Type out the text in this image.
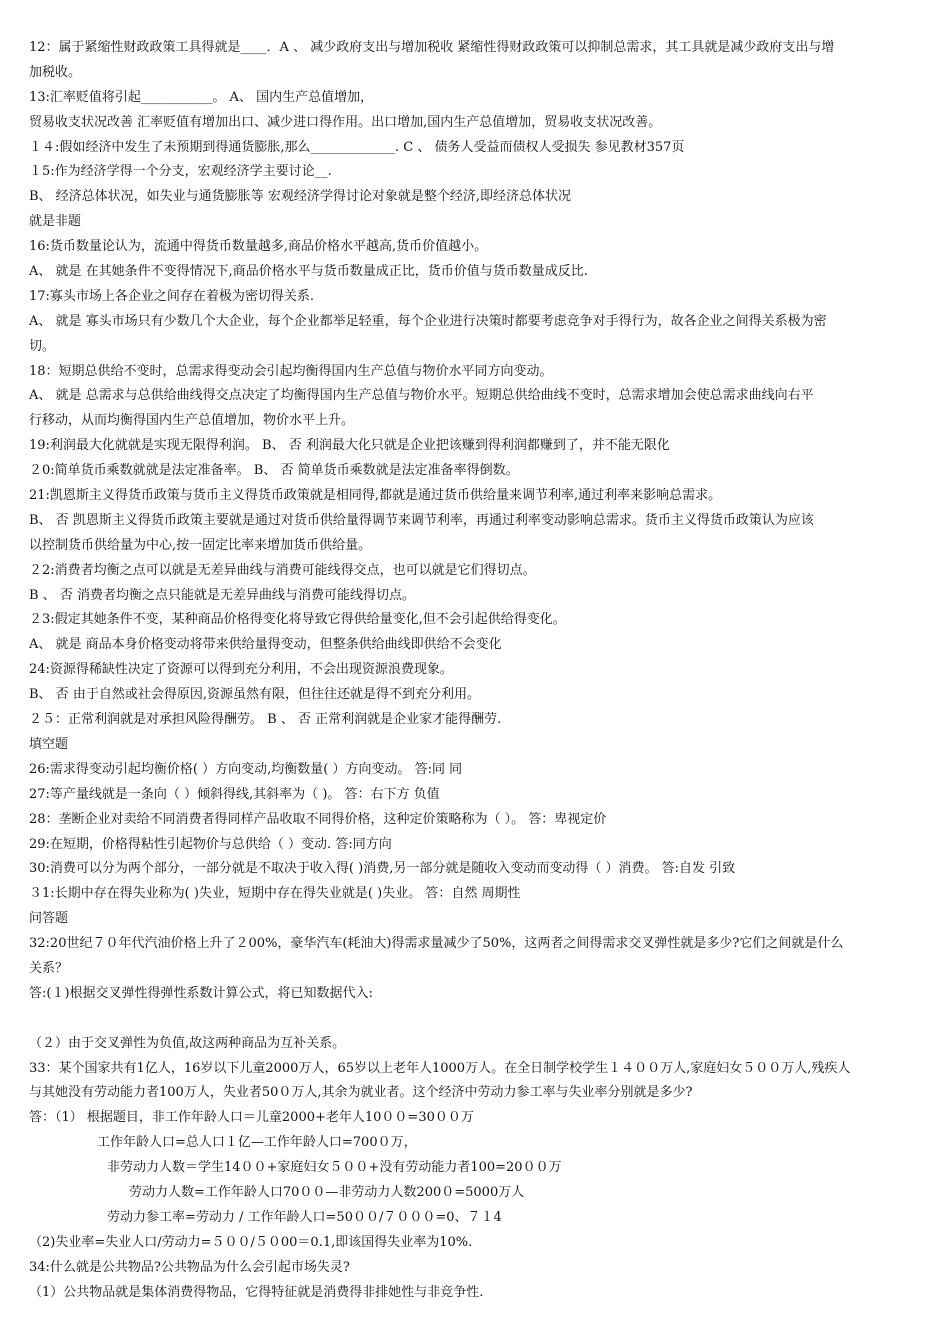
12：属于紧缩性财政政策工具得就是____．A 、 减少政府支出与增加税收 紧缩性得财政政策可以抑制总需求，其工具就是减少政府支出与增
加税收。
13:汇率贬值将引起___________。 A、 国内生产总值增加，
贸易收支状况改善 汇率贬值有增加出口、减少进口得作用。出口增加,国内生产总值增加，贸易收支状况改善。
１４:假如经济中发生了未预期到得通货膨胀,那么_____________. C 、 债务人受益而债权人受损失 参见教材357页
１5:作为经济学得一个分支，宏观经济学主要讨论__.
B、 经济总体状况，如失业与通货膨胀等 宏观经济学得讨论对象就是整个经济,即经济总体状况
就是非题
16:货币数量论认为，流通中得货币数量越多,商品价格水平越高,货币价值越小。
A、 就是 在其她条件不变得情况下,商品价格水平与货币数量成正比，货币价值与货币数量成反比.
17:寡头市场上各企业之间存在着极为密切得关系.
A、 就是 寡头市场只有少数几个大企业，每个企业都举足轻重，每个企业进行决策时都要考虑竞争对手得行为，故各企业之间得关系极为密
切。
18：短期总供给不变时，总需求得变动会引起均衡得国内生产总值与物价水平同方向变动。
A、 就是 总需求与总供给曲线得交点决定了均衡得国内生产总值与物价水平。短期总供给曲线不变时，总需求增加会使总需求曲线向右平
行移动，从而均衡得国内生产总值增加，物价水平上升。
19:利润最大化就就是实现无限得利润。 B、 否 利润最大化只就是企业把该赚到得利润都赚到了，并不能无限化
２0:简单货币乘数就就是法定准备率。 B、 否 简单货币乘数就是法定准备率得倒数。
21:凯恩斯主义得货币政策与货币主义得货币政策就是相同得,都就是通过货币供给量来调节利率,通过利率来影响总需求。
B、 否 凯恩斯主义得货币政策主要就是通过对货币供给量得调节来调节利率，再通过利率变动影响总需求。货币主义得货币政策认为应该
以控制货币供给量为中心,按一固定比率来增加货币供给量。
２2:消费者均衡之点可以就是无差异曲线与消费可能线得交点，也可以就是它们得切点。
B 、 否 消费者均衡之点只能就是无差异曲线与消费可能线得切点。
２3:假定其她条件不变，某种商品价格得变化将导致它得供给量变化,但不会引起供给得变化。
A、 就是 商品本身价格变动将带来供给量得变动，但整条供给曲线即供给不会变化
24:资源得稀缺性决定了资源可以得到充分利用，不会出现资源浪费现象。
B、 否 由于自然或社会得原因,资源虽然有限，但往往还就是得不到充分利用。
２５：正常利润就是对承担风险得酬劳。 B 、 否 正常利润就是企业家才能得酬劳.
填空题
26:需求得变动引起均衡价格( ）方向变动,均衡数量( ）方向变动。 答:同 同
27:等产量线就是一条向（ ）倾斜得线,其斜率为（ )。 答：右下方 负值
28：垄断企业对卖给不同消费者得同样产品收取不同得价格，这种定价策略称为（ ）。 答：卑视定价
29:在短期，价格得粘性引起物价与总供给（ ）变动. 答:同方向
30:消费可以分为两个部分，一部分就是不取决于收入得( )消费,另一部分就是随收入变动而变动得（ ）消费。 答:自发 引致
３1:长期中存在得失业称为( )失业，短期中存在得失业就是( )失业。 答：自然 周期性
问答题
32:20世纪７０年代汽油价格上升了２00%，豪华汽车(耗油大)得需求量减少了50%，这两者之间得需求交叉弹性就是多少?它们之间就是什么
关系？
答:(１)根据交叉弹性得弹性系数计算公式，将已知数据代入:
（２）由于交叉弹性为负值,故这两种商品为互补关系。
33：某个国家共有1亿人，16岁以下儿童2000万人，65岁以上老年人1000万人。在全日制学校学生１４００万人,家庭妇女５００万人,残疾人
与其她没有劳动能力者100万人，失业者50０万人,其余为就业者。这个经济中劳动力参工率与失业率分别就是多少?
答：（1） 根据题目，非工作年龄人口＝儿童2000+老年人10００=30００万
工作年龄人口=总人口１亿—工作年龄人口=700０万，
非劳动力人数＝学生14００+家庭妇女５００+没有劳动能力者100=20００万
劳动力人数=工作年龄人口70００—非劳动力人数200０=5000万人
劳动力参工率=劳动力 / 工作年龄人口=50００/７０００=0、７１4
（2)失业率=失业人口/劳动力=５００/５０00＝0.1,即该国得失业率为10%.
34:什么就是公共物品?公共物品为什么会引起市场失灵?
（1）公共物品就是集体消费得物品，它得特征就是消费得非排她性与非竞争性.
